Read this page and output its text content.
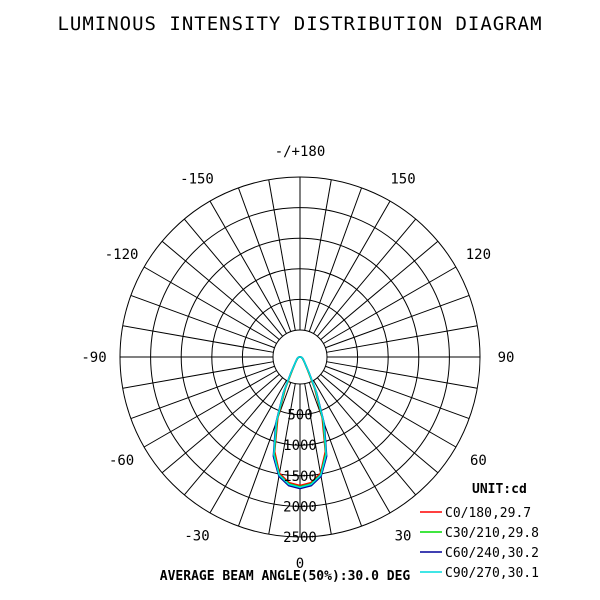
LUMINOUS INTENSITY DISTRIBUTION DIAGRAM
500
1000
1500
2000
2500
-/+180
-150	150
-120	120
-90	90
-60	60
-30	30
0
UNIT:cd
C0/180,29.7
C30/210,29.8
C60/240,30.2
C90/270,30.1
AVERAGE BEAM ANGLE(50%):30.0 DEG
